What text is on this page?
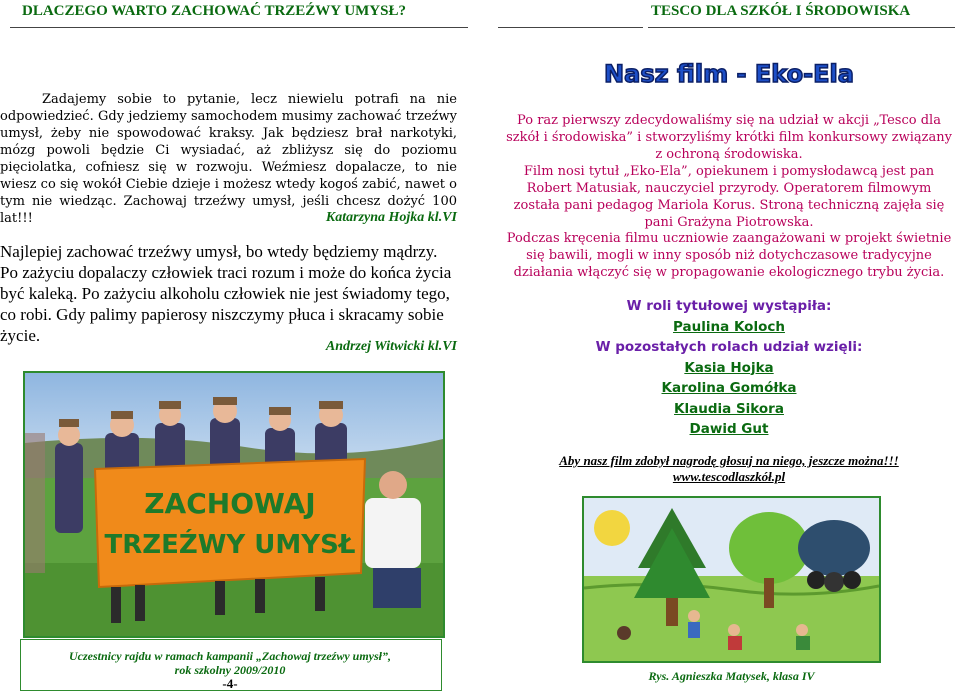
DLACZEGO WARTO ZACHOWAĆ TRZEŹWY UMYSŁ?	TESCO DLA SZKÓŁ I ŚRODOWISKA
Zadajemy sobie to pytanie, lecz niewielu potrafi na nie odpowiedzieć. Gdy jedziemy samochodem musimy zachować trzeźwy umysł, żeby nie spowodować kraksy. Jak będziesz brał narkotyki, mózg powoli będzie Ci wysiadać, aż zbliżysz się do poziomu pięciolatka, cofniesz się w rozwoju. Weźmiesz dopalacze, to nie wiesz co się wokół Ciebie dzieje i możesz wtedy kogoś zabić, nawet o tym nie wiedząc. Zachowaj trzeźwy umysł, jeśli chcesz dożyć 100 lat!!!	Katarzyna Hojka kl.VI
Najlepiej zachować trzeźwy umysł, bo wtedy będziemy mądrzy. Po zażyciu dopalaczy człowiek traci rozum i może do końca życia być kaleką. Po zażyciu alkoholu człowiek nie jest świadomy tego, co robi. Gdy palimy papierosy niszczymy płuca i skracamy sobie życie.
Andrzej Witwicki kl.VI
ZACHOWAJ
TRZEŹWY UMYSŁ
Uczestnicy rajdu w ramach kampanii „Zachowaj trzeźwy umysł”,
rok szkolny 2009/2010
-4-
Nasz film - Eko-Ela
Po raz pierwszy zdecydowaliśmy się na udział w akcji „Tesco dla szkół i środowiska” i stworzyliśmy krótki film konkursowy związany z ochroną środowiska.
Film nosi tytuł „Eko-Ela”, opiekunem i pomysłodawcą jest pan Robert Matusiak, nauczyciel przyrody. Operatorem filmowym została pani pedagog Mariola Korus. Stroną techniczną zajęła się pani Grażyna Piotrowska.
Podczas kręcenia filmu uczniowie zaangażowani w projekt świetnie się bawili, mogli w inny sposób niż dotychczasowe tradycyjne działania włączyć się w propagowanie ekologicznego trybu życia.
W roli tytułowej wystąpiła:
Paulina Koloch
W pozostałych rolach udział wzięli:
Kasia Hojka
Karolina Gomółka
Klaudia Sikora
Dawid Gut
Aby nasz film zdobył nagrodę głosuj na niego, jeszcze można!!!
www.tescodlaszkół.pl
Rys. Agnieszka Matysek, klasa IV
